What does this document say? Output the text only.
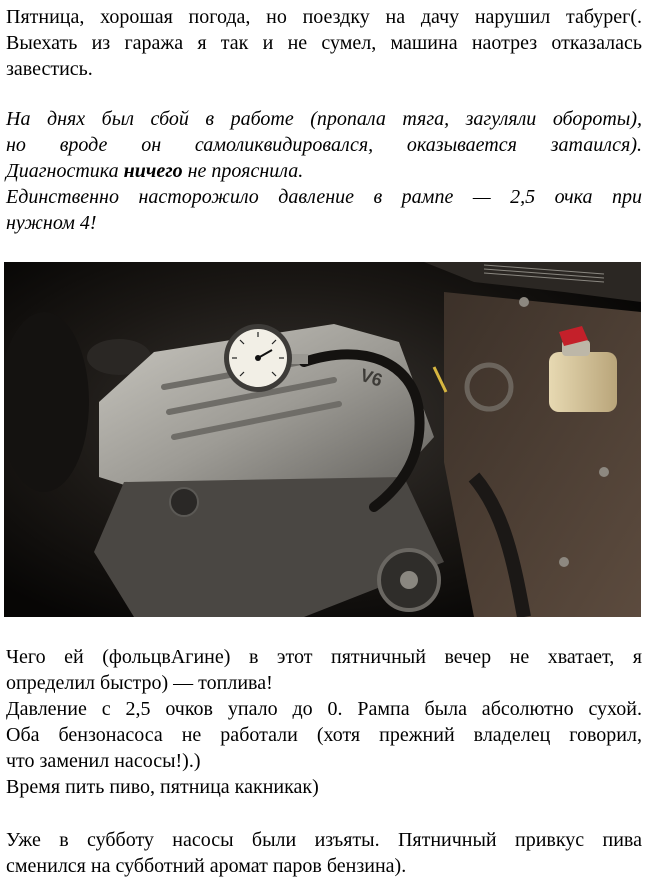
Пятница, хорошая погода, но поездку на дачу нарушил табурег(.
Выехать из гаража я так и не сумел, машина наотрез отказалась
завестись.

На днях был сбой в работе (пропала тяга, загуляли обороты),
но вроде он самоликвидировался, оказывается затаился).
Диагностика ничего не прояснила.
Единственно насторожило давление в рампе — 2,5 очка при
нужном 4!

V6

Чего ей (фольцвАгине) в этот пятничный вечер не хватает, я
определил быстро) — топлива!
Давление с 2,5 очков упало до 0. Рампа была абсолютно сухой.
Оба бензонасоса не работали (хотя прежний владелец говорил,
что заменил насосы!).)
Время пить пиво, пятница какникак)

Уже в субботу насосы были изъяты. Пятничный привкус пива
сменился на субботний аромат паров бензина).
